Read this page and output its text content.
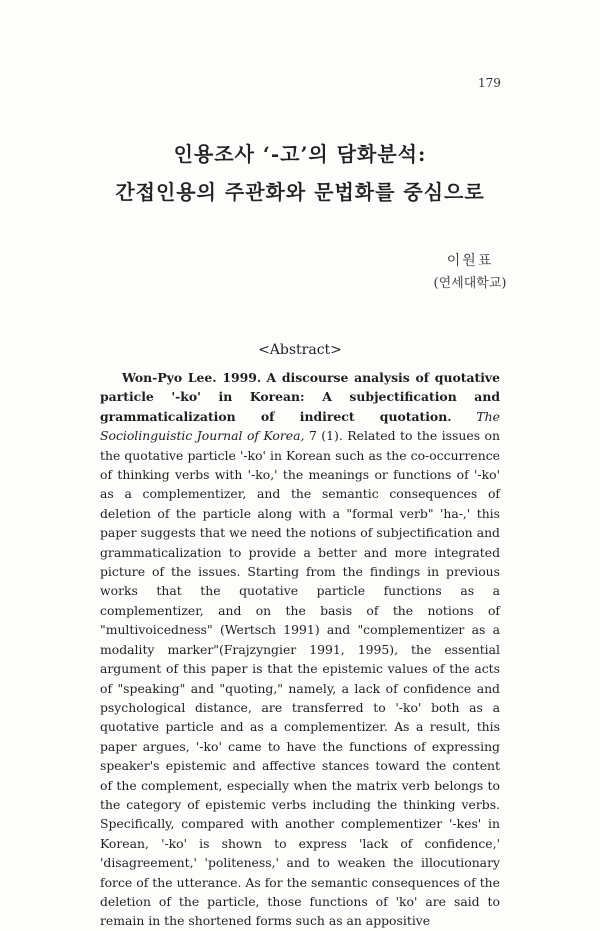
179
인용조사 ‘-고’의 담화분석:
간접인용의 주관화와 문법화를 중심으로
이원표
(연세대학교)
<Abstract>

Won-Pyo Lee. 1999. A discourse analysis of quotative particle '-ko' in Korean: A subjectification and grammaticalization of indirect quotation. The Sociolinguistic Journal of Korea, 7 (1). Related to the issues on the quotative particle '-ko' in Korean such as the co-occurrence of thinking verbs with '-ko,' the meanings or functions of '-ko' as a complementizer, and the semantic consequences of deletion of the particle along with a "formal verb" 'ha-,' this paper suggests that we need the notions of subjectification and grammaticalization to provide a better and more integrated picture of the issues. Starting from the findings in previous works that the quotative particle functions as a complementizer, and on the basis of the notions of "multivoicedness" (Wertsch 1991) and "complementizer as a modality marker"(Frajzyngier 1991, 1995), the essential argument of this paper is that the epistemic values of the acts of "speaking" and "quoting," namely, a lack of confidence and psychological distance, are transferred to '-ko' both as a quotative particle and as a complementizer. As a result, this paper argues, '-ko' came to have the functions of expressing speaker's epistemic and affective stances toward the content of the complement, especially when the matrix verb belongs to the category of epistemic verbs including the thinking verbs. Specifically, compared with another complementizer '-kes' in Korean, '-ko' is shown to express 'lack of confidence,' 'disagreement,' 'politeness,' and to weaken the illocutionary force of the utterance. As for the semantic consequences of the deletion of the particle, those functions of 'ko' are said to remain in the shortened forms such as an appositive
